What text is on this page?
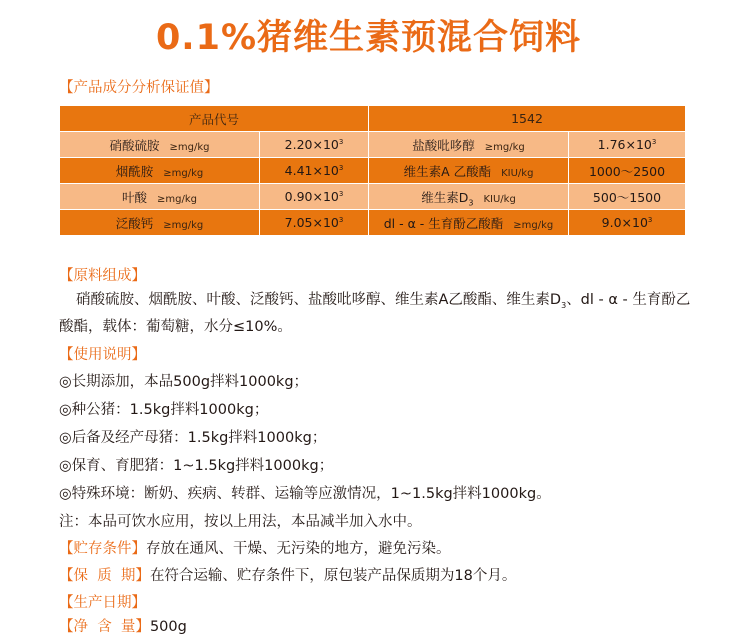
0.1%猪维生素预混合饲料
【产品成分分析保证值】
产品代号		1542	
硝酸硫胺 ≥mg/kg	$2.20\times 10^3$	盐酸吡哆醇 ≥mg/kg	$1.76\times 10^3$
烟酰胺 ≥mg/kg	$4.41\times 10^3$	维生素A 乙酸酯 KIU/kg	1000～2500
叶酸 ≥mg/kg	$0.90\times 10^3$	维生素$D_3$ KIU/kg	500～1500
泛酸钙 ≥mg/kg	$7.05\times 10^3$	dl - α - 生育酚乙酸酯 ≥mg/kg	$9.0\times 10^3$
【原料组成】
硝酸硫胺、烟酰胺、叶酸、泛酸钙、盐酸吡哆醇、维生素A乙酸酯、维生素$D_3$、dl - α - 生育酚乙酸酯，载体：葡萄糖，水分≤10%。
【使用说明】
◎长期添加，本品500g拌料1000kg；
◎种公猪：1.5kg拌料1000kg；
◎后备及经产母猪：1.5kg拌料1000kg；
◎保育、育肥猪：1~1.5kg拌料1000kg；
◎特殊环境：断奶、疾病、转群、运输等应激情况，1~1.5kg拌料1000kg。
注：本品可饮水应用，按以上用法，本品减半加入水中。
【贮存条件】存放在通风、干燥、无污染的地方，避免污染。
【保  质  期】在符合运输、贮存条件下，原包装产品保质期为18个月。
【生产日期】
【净  含  量】500g
